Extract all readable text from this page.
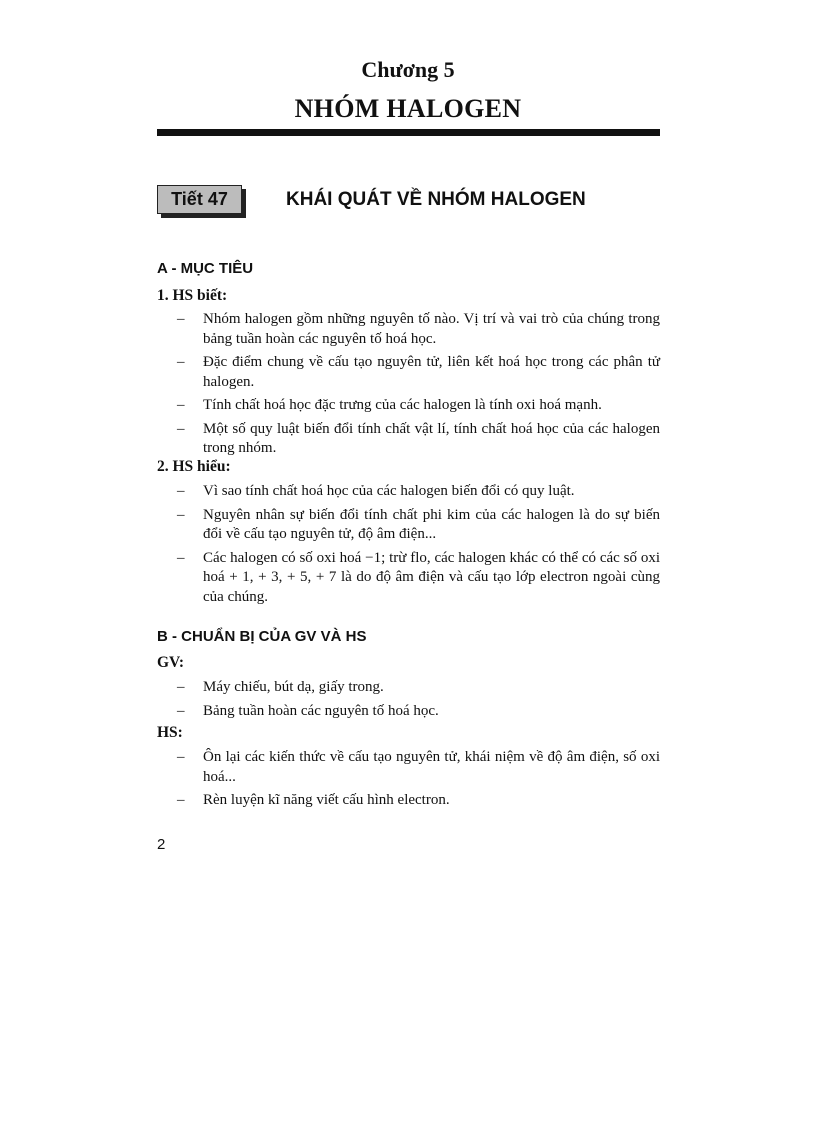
Chương 5
NHÓM HALOGEN
Tiết 47	KHÁI QUÁT VỀ NHÓM HALOGEN
A - MỤC TIÊU
1. HS biết:
– Nhóm halogen gồm những nguyên tố nào. Vị trí và vai trò của chúng trong bảng tuần hoàn các nguyên tố hoá học.
– Đặc điểm chung về cấu tạo nguyên tử, liên kết hoá học trong các phân tử halogen.
– Tính chất hoá học đặc trưng của các halogen là tính oxi hoá mạnh.
– Một số quy luật biến đổi tính chất vật lí, tính chất hoá học của các halogen trong nhóm.
2. HS hiểu:
– Vì sao tính chất hoá học của các halogen biến đổi có quy luật.
– Nguyên nhân sự biến đổi tính chất phi kim của các halogen là do sự biến đổi về cấu tạo nguyên tử, độ âm điện...
– Các halogen có số oxi hoá −1; trừ flo, các halogen khác có thể có các số oxi hoá + 1, + 3, + 5, + 7 là do độ âm điện và cấu tạo lớp electron ngoài cùng của chúng.
B - CHUẨN BỊ CỦA GV VÀ HS
GV:
– Máy chiếu, bút dạ, giấy trong.
– Bảng tuần hoàn các nguyên tố hoá học.
HS:
– Ôn lại các kiến thức về cấu tạo nguyên tử, khái niệm về độ âm điện, số oxi hoá...
– Rèn luyện kĩ năng viết cấu hình electron.
2
